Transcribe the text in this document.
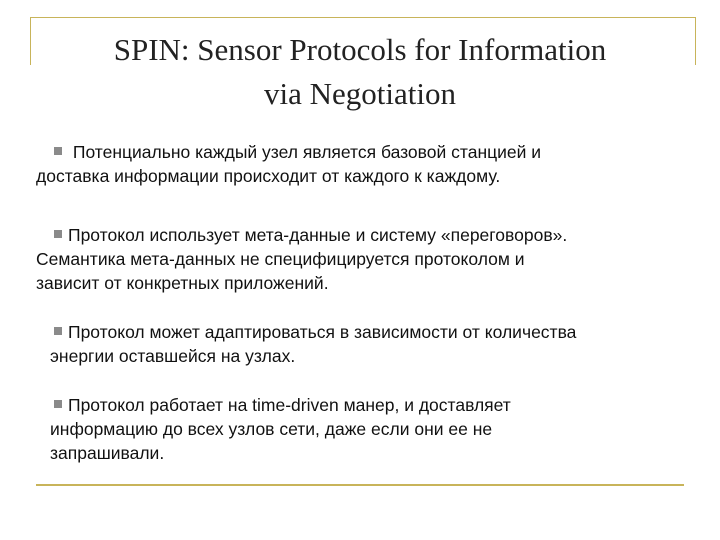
SPIN: Sensor Protocols for Information
via Negotiation
Потенциально каждый узел является базовой станцией и
доставка информации происходит от каждого к каждому.
Протокол использует мета-данные и систему «переговоров».
Семантика мета-данных не специфицируется протоколом и
зависит от конкретных приложений.
Протокол может адаптироваться в зависимости от количества
энергии оставшейся на узлах.
Протокол работает на time-driven манер, и доставляет
информацию до всех узлов сети, даже если они ее не
запрашивали.
